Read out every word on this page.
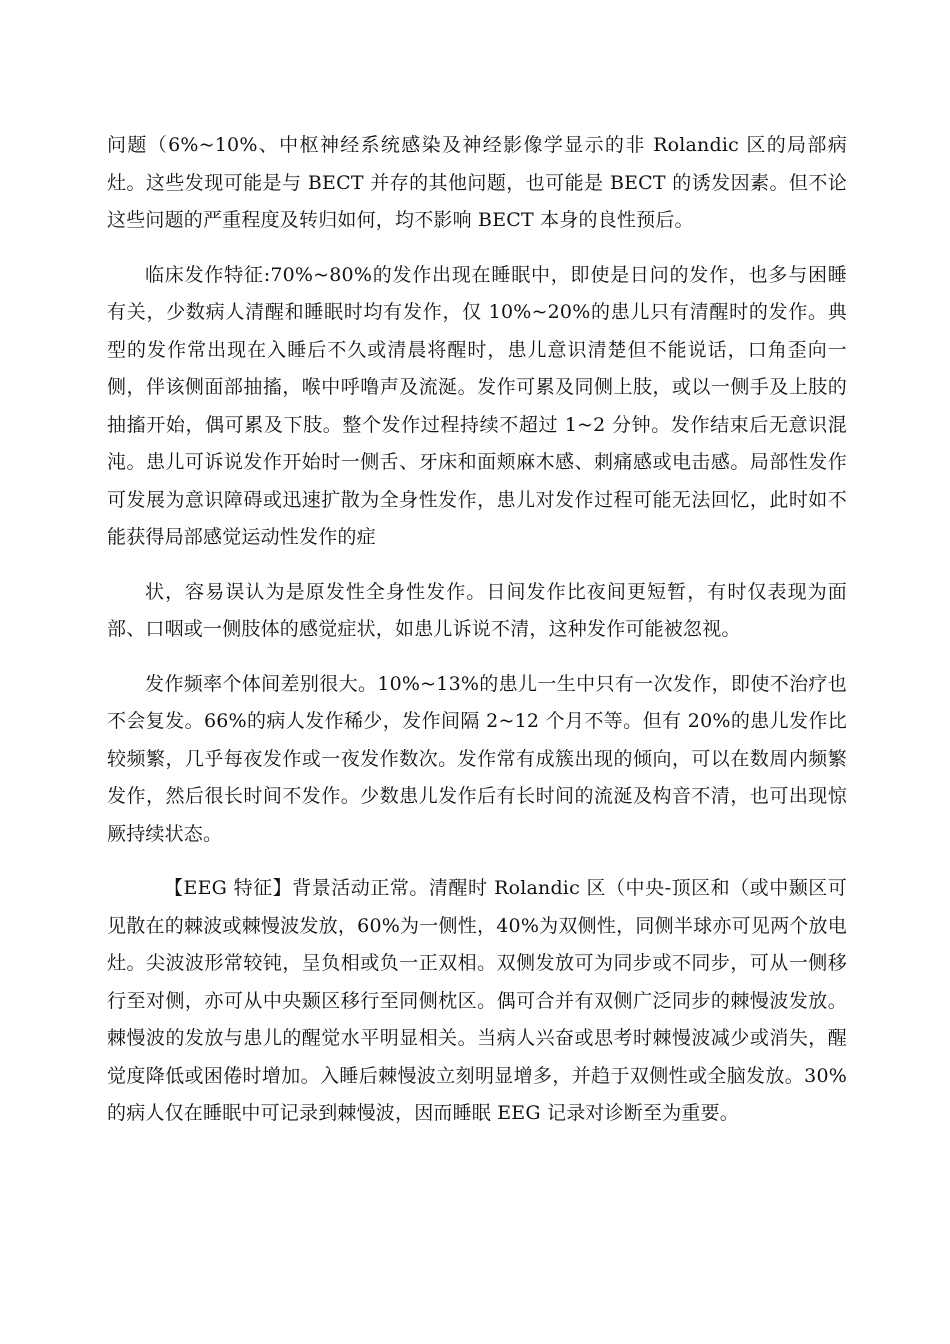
问题（6%~10%、中枢神经系统感染及神经影像学显示的非 Rolandic 区的局部病灶。这些发现可能是与 BECT 并存的其他问题，也可能是 BECT 的诱发因素。但不论这些问题的严重程度及转归如何，均不影响 BECT 本身的良性预后。

临床发作特征:70%~80%的发作出现在睡眠中，即使是日问的发作，也多与困睡有关，少数病人清醒和睡眠时均有发作，仅 10%~20%的患儿只有清醒时的发作。典型的发作常出现在入睡后不久或清晨将醒时，患儿意识清楚但不能说话，口角歪向一侧，伴该侧面部抽搐，喉中呼噜声及流涎。发作可累及同侧上肢，或以一侧手及上肢的抽搐开始，偶可累及下肢。整个发作过程持续不超过 1~2 分钟。发作结束后无意识混沌。患儿可诉说发作开始时一侧舌、牙床和面颊麻木感、刺痛感或电击感。局部性发作可发展为意识障碍或迅速扩散为全身性发作，患儿对发作过程可能无法回忆，此时如不能获得局部感觉运动性发作的症

状，容易误认为是原发性全身性发作。日间发作比夜间更短暂，有时仅表现为面部、口咽或一侧肢体的感觉症状，如患儿诉说不清，这种发作可能被忽视。

发作频率个体间差别很大。10%~13%的患儿一生中只有一次发作，即使不治疗也不会复发。66%的病人发作稀少，发作间隔 2~12 个月不等。但有 20%的患儿发作比较频繁，几乎每夜发作或一夜发作数次。发作常有成簇出现的倾向，可以在数周内频繁发作，然后很长时间不发作。少数患儿发作后有长时间的流涎及构音不清，也可出现惊厥持续状态。

【EEG 特征】背景活动正常。清醒时 Rolandic 区（中央-顶区和（或中颞区可见散在的棘波或棘慢波发放，60%为一侧性，40%为双侧性，同侧半球亦可见两个放电灶。尖波波形常较钝，呈负相或负一正双相。双侧发放可为同步或不同步，可从一侧移行至对侧，亦可从中央颞区移行至同侧枕区。偶可合并有双侧广泛同步的棘慢波发放。棘慢波的发放与患儿的醒觉水平明显相关。当病人兴奋或思考时棘慢波减少或消失，醒觉度降低或困倦时增加。入睡后棘慢波立刻明显增多，并趋于双侧性或全脑发放。30%的病人仅在睡眠中可记录到棘慢波，因而睡眠 EEG 记录对诊断至为重要。
